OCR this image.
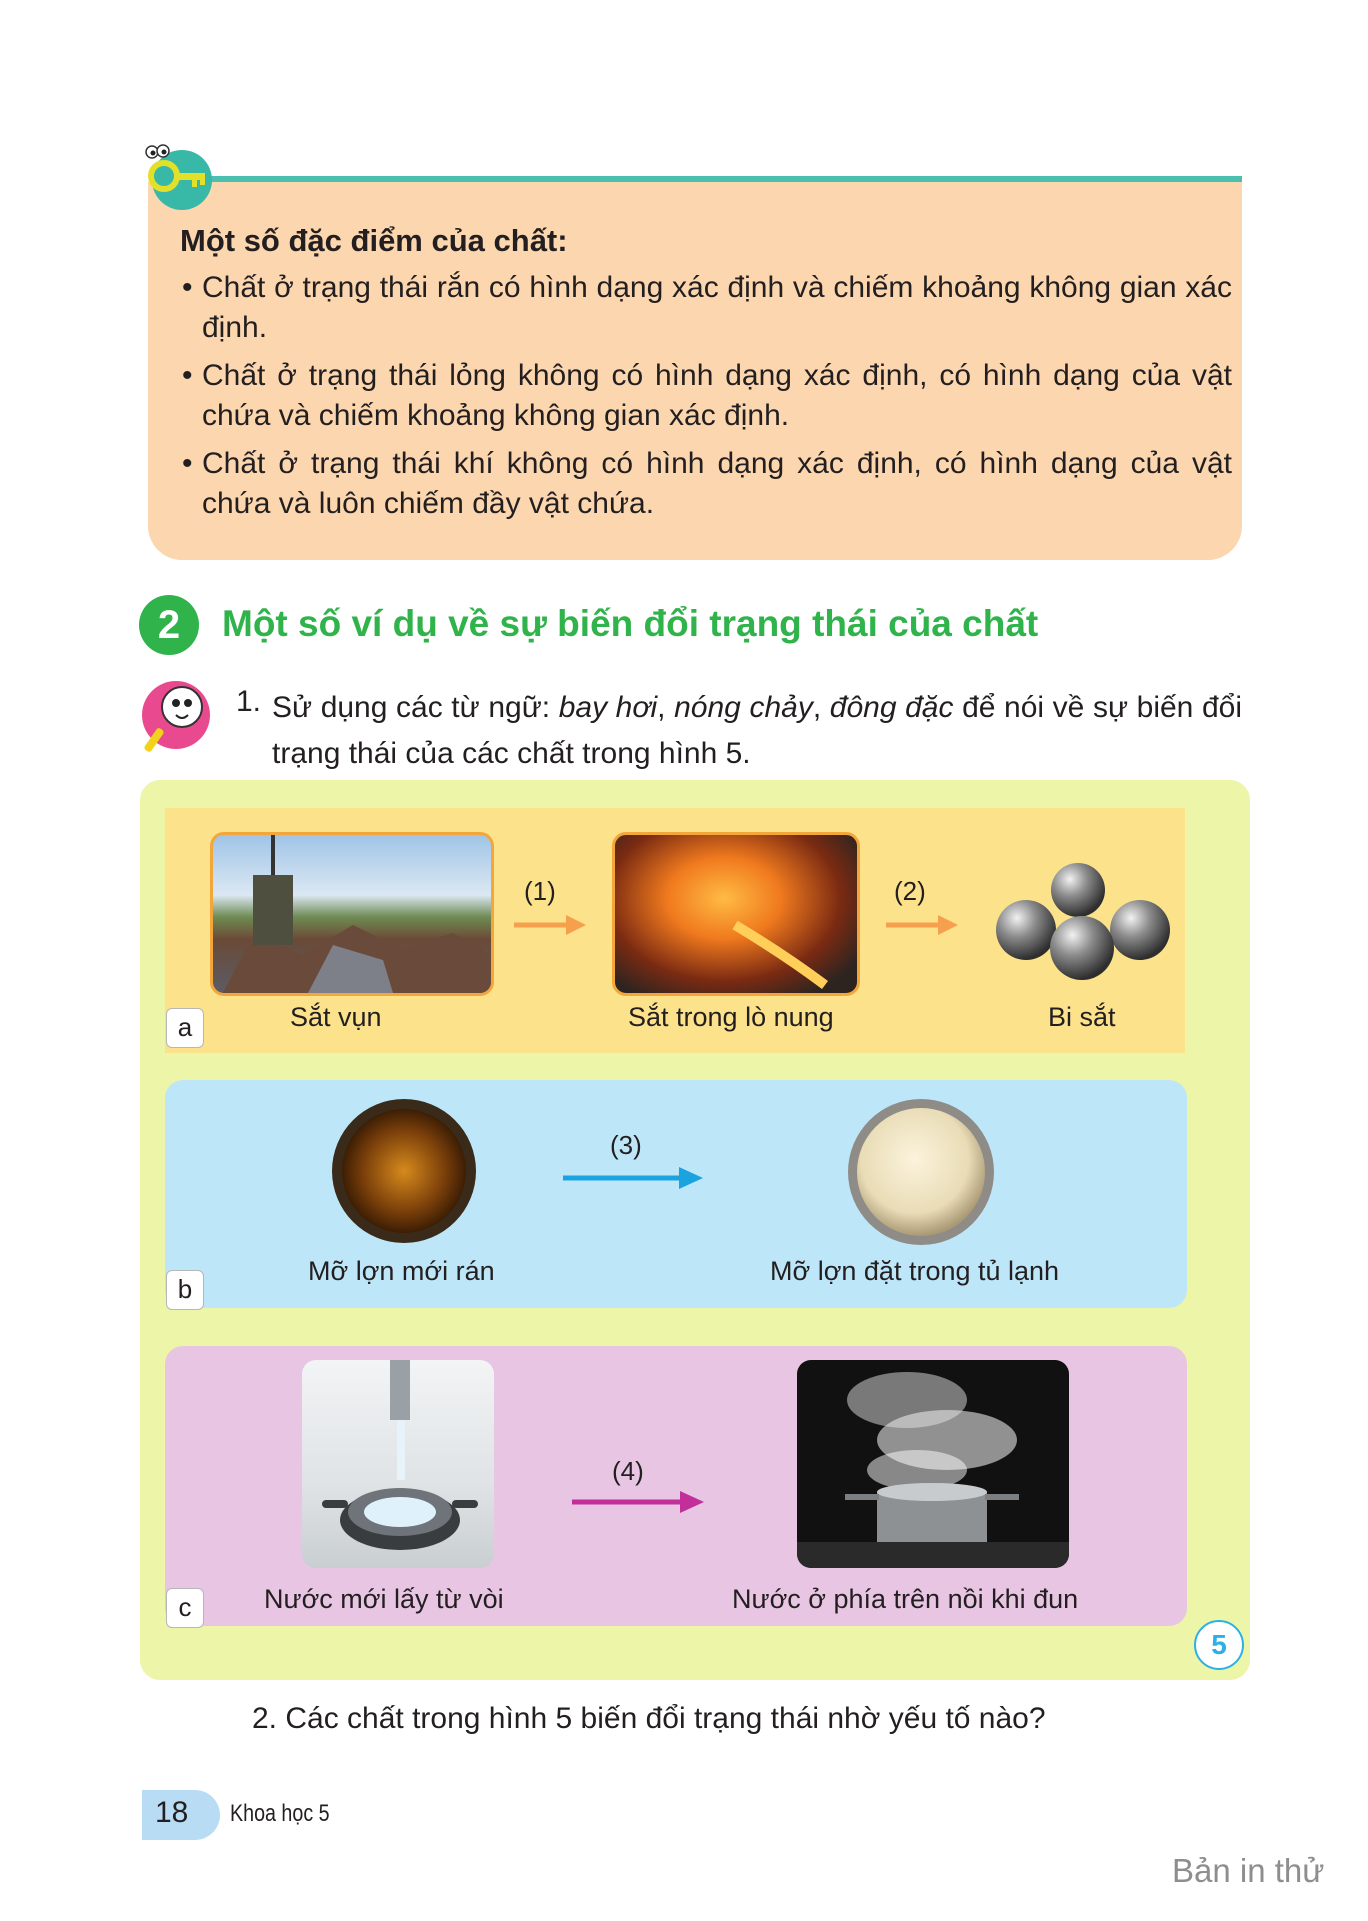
Một số đặc điểm của chất:
• Chất ở trạng thái rắn có hình dạng xác định và chiếm khoảng không gian xác định.
• Chất ở trạng thái lỏng không có hình dạng xác định, có hình dạng của vật chứa và chiếm khoảng không gian xác định.
• Chất ở trạng thái khí không có hình dạng xác định, có hình dạng của vật chứa và luôn chiếm đầy vật chứa.
2	Một số ví dụ về sự biến đổi trạng thái của chất
1. Sử dụng các từ ngữ: bay hơi, nóng chảy, đông đặc để nói về sự biến đổi trạng thái của các chất trong hình 5.
(1)	(2)
Sắt vụn	Sắt trong lò nung	Bi sắt
a
(3)
Mỡ lợn mới rán	Mỡ lợn đặt trong tủ lạnh
b
(4)
Nước mới lấy từ vòi	Nước ở phía trên nồi khi đun
c
5
2. Các chất trong hình 5 biến đổi trạng thái nhờ yếu tố nào?
18 Khoa học 5
Bản in thử
